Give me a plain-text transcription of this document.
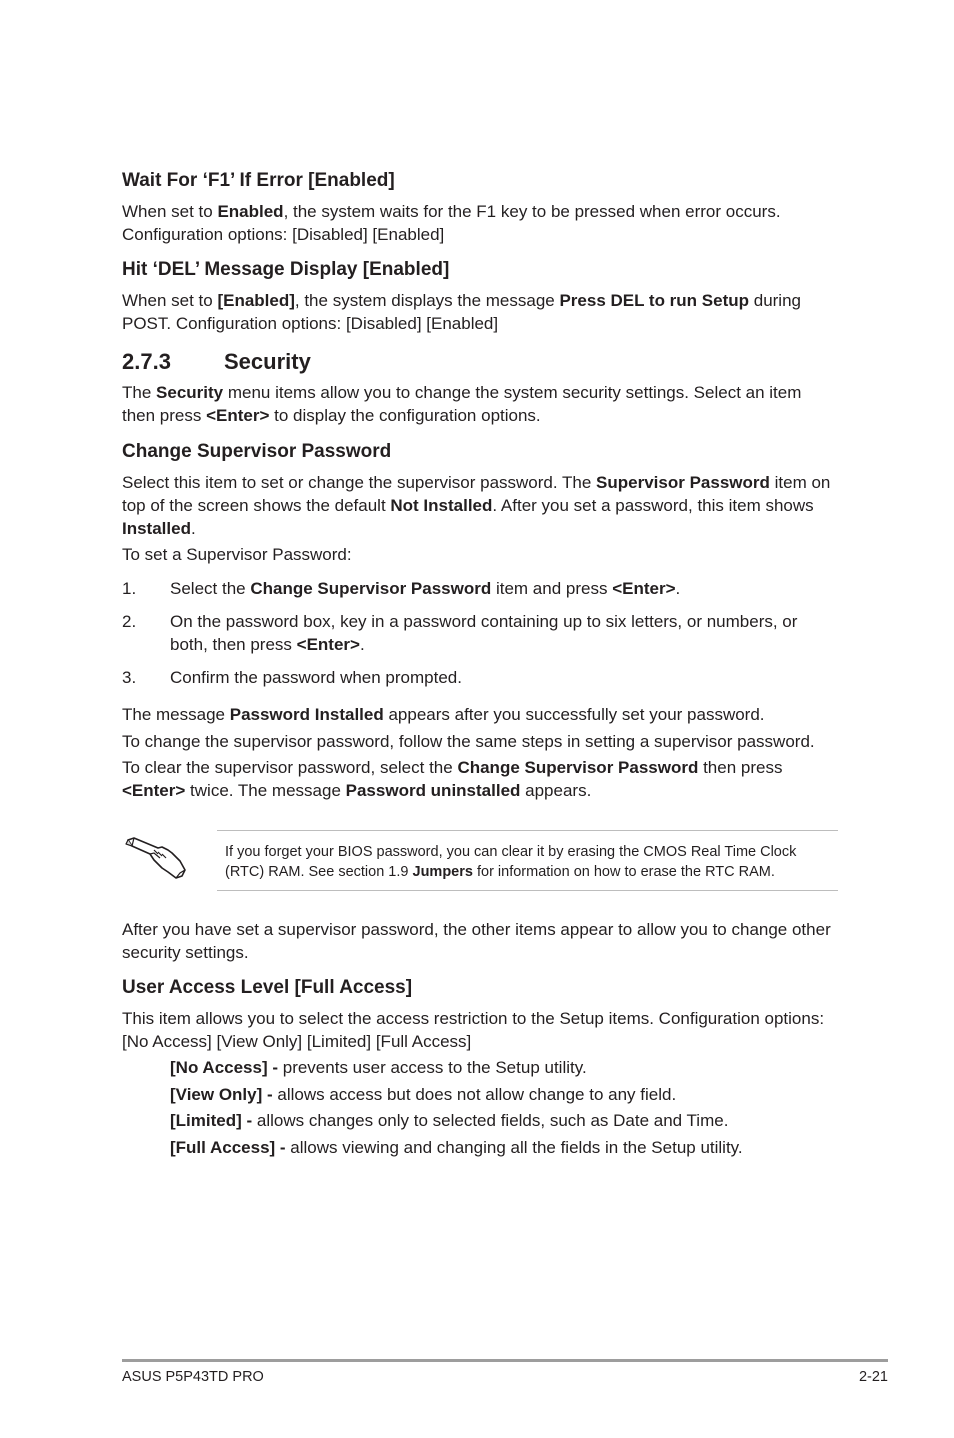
Wait For ‘F1’ If Error [Enabled]
When set to Enabled, the system waits for the F1 key to be pressed when error occurs. Configuration options: [Disabled] [Enabled]
Hit ‘DEL’ Message Display [Enabled]
When set to [Enabled], the system displays the message Press DEL to run Setup during POST. Configuration options: [Disabled] [Enabled]
2.7.3 Security
The Security menu items allow you to change the system security settings. Select an item then press <Enter> to display the configuration options.
Change Supervisor Password
Select this item to set or change the supervisor password. The Supervisor Password item on top of the screen shows the default Not Installed. After you set a password, this item shows Installed.
To set a Supervisor Password:
1.	Select the Change Supervisor Password item and press <Enter>.
2.	On the password box, key in a password containing up to six letters, or numbers, or both, then press <Enter>.
3.	Confirm the password when prompted.
The message Password Installed appears after you successfully set your password.
To change the supervisor password, follow the same steps in setting a supervisor password.
To clear the supervisor password, select the Change Supervisor Password then press <Enter> twice. The message Password uninstalled appears.
If you forget your BIOS password, you can clear it by erasing the CMOS Real Time Clock (RTC) RAM. See section 1.9 Jumpers for information on how to erase the RTC RAM.
After you have set a supervisor password, the other items appear to allow you to change other security settings.
User Access Level [Full Access]
This item allows you to select the access restriction to the Setup items. Configuration options: [No Access] [View Only] [Limited] [Full Access]
[No Access] - prevents user access to the Setup utility.
[View Only] - allows access but does not allow change to any field.
[Limited] - allows changes only to selected fields, such as Date and Time.
[Full Access] - allows viewing and changing all the fields in the Setup utility.
ASUS P5P43TD PRO	2-21
